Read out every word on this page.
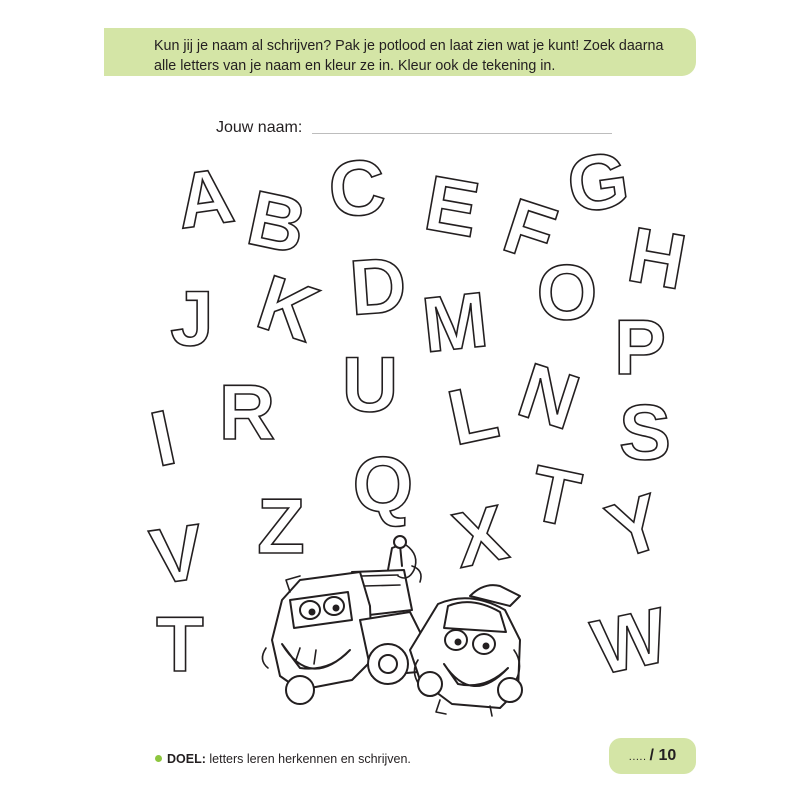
Kun jij je naam al schrijven? Pak je potlood en laat zien wat je kunt! Zoek daarna
alle letters van je naam en kleur ze in. Kleur ook de tekening in.
Jouw naam:
A B C E F
G
H
J K D M O
P
I R U L N S
Q T
Z X Y
V
T	W
DOEL: letters leren herkennen en schrijven.	..... / 10
